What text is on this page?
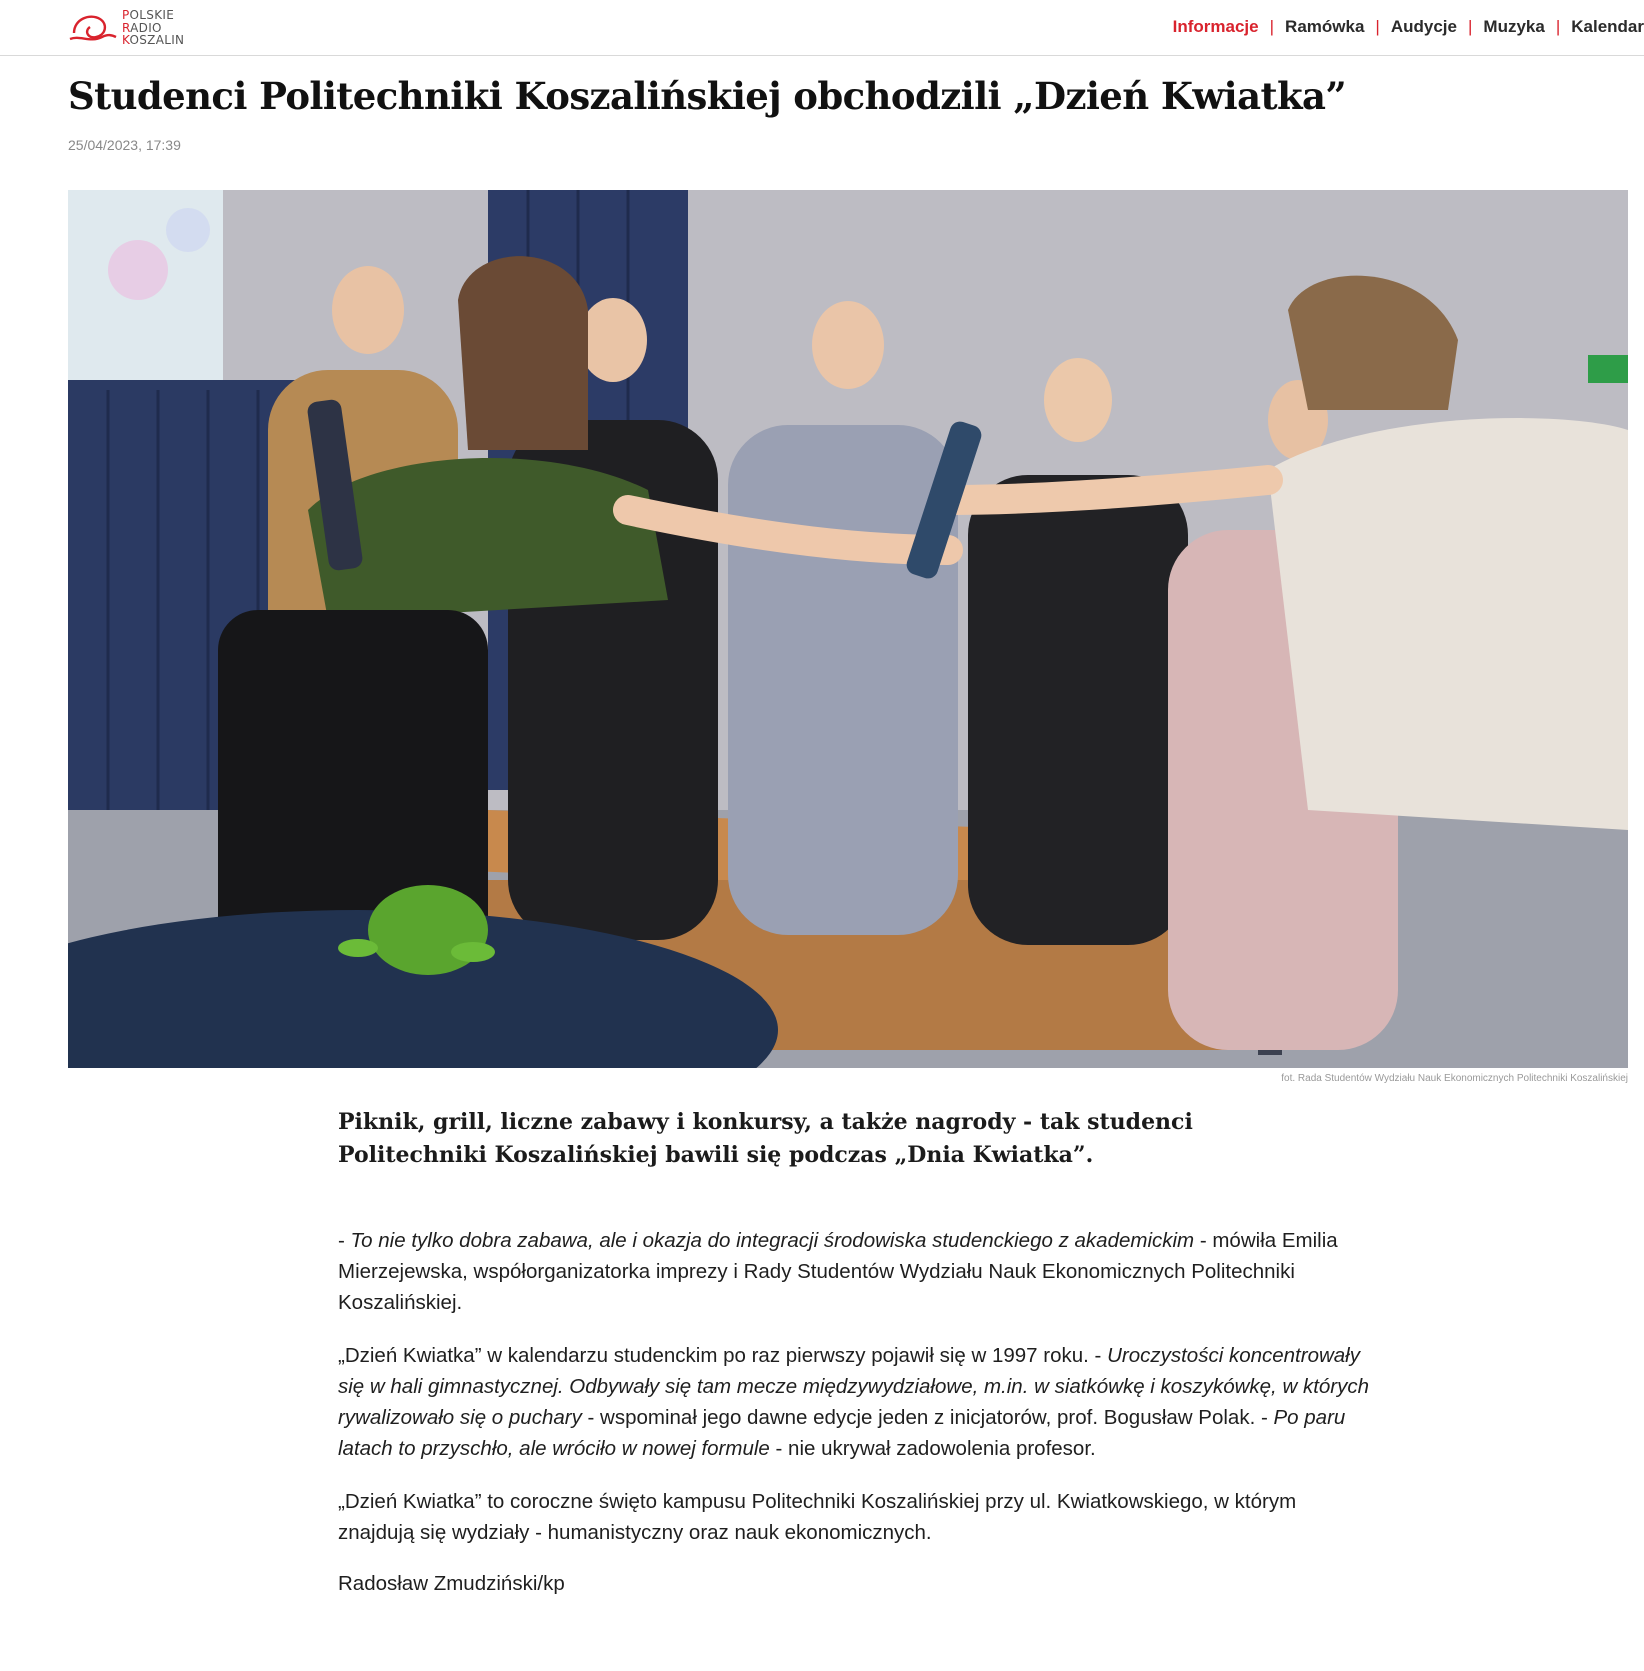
POLSKIE
RADIO
KOSZALIN
Informacje | Ramówka | Audycje | Muzyka | Kalendar
Studenci Politechniki Koszalińskiej obchodzili „Dzień Kwiatka”
25/04/2023, 17:39
fot. Rada Studentów Wydziału Nauk Ekonomicznych Politechniki Koszalińskiej

Piknik, grill, liczne zabawy i konkursy, a także nagrody - tak studenci Politechniki Koszalińskiej bawili się podczas „Dnia Kwiatka”.

- To nie tylko dobra zabawa, ale i okazja do integracji środowiska studenckiego z akademickim - mówiła Emilia Mierzejewska, współorganizatorka imprezy i Rady Studentów Wydziału Nauk Ekonomicznych Politechniki Koszalińskiej.

„Dzień Kwiatka” w kalendarzu studenckim po raz pierwszy pojawił się w 1997 roku. - Uroczystości koncentrowały się w hali gimnastycznej. Odbywały się tam mecze międzywydziałowe, m.in. w siatkówkę i koszykówkę, w których rywalizowało się o puchary - wspominał jego dawne edycje jeden z inicjatorów, prof. Bogusław Polak. - Po paru latach to przyschło, ale wróciło w nowej formule - nie ukrywał zadowolenia profesor.

„Dzień Kwiatka” to coroczne święto kampusu Politechniki Koszalińskiej przy ul. Kwiatkowskiego, w którym znajdują się wydziały - humanistyczny oraz nauk ekonomicznych.

Radosław Zmudziński/kp
